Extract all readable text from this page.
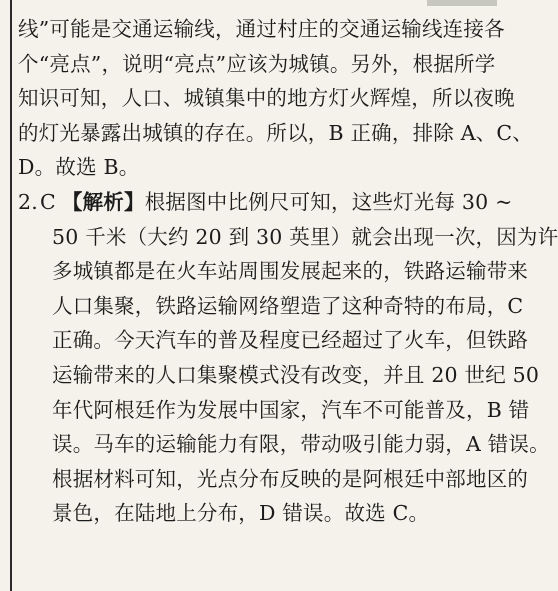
线”可能是交通运输线，通过村庄的交通运输线连接各
个“亮点”，说明“亮点”应该为城镇。另外，根据所学
知识可知，人口、城镇集中的地方灯火辉煌，所以夜晚
的灯光暴露出城镇的存在。所以，B 正确，排除 A、C、
D。故选 B。
2.C 【解析】根据图中比例尺可知，这些灯光每 30 ~
50 千米（大约 20 到 30 英里）就会出现一次，因为许
多城镇都是在火车站周围发展起来的，铁路运输带来
人口集聚，铁路运输网络塑造了这种奇特的布局，C
正确。今天汽车的普及程度已经超过了火车，但铁路
运输带来的人口集聚模式没有改变，并且 20 世纪 50
年代阿根廷作为发展中国家，汽车不可能普及，B 错
误。马车的运输能力有限，带动吸引能力弱，A 错误。
根据材料可知，光点分布反映的是阿根廷中部地区的
景色，在陆地上分布，D 错误。故选 C。
